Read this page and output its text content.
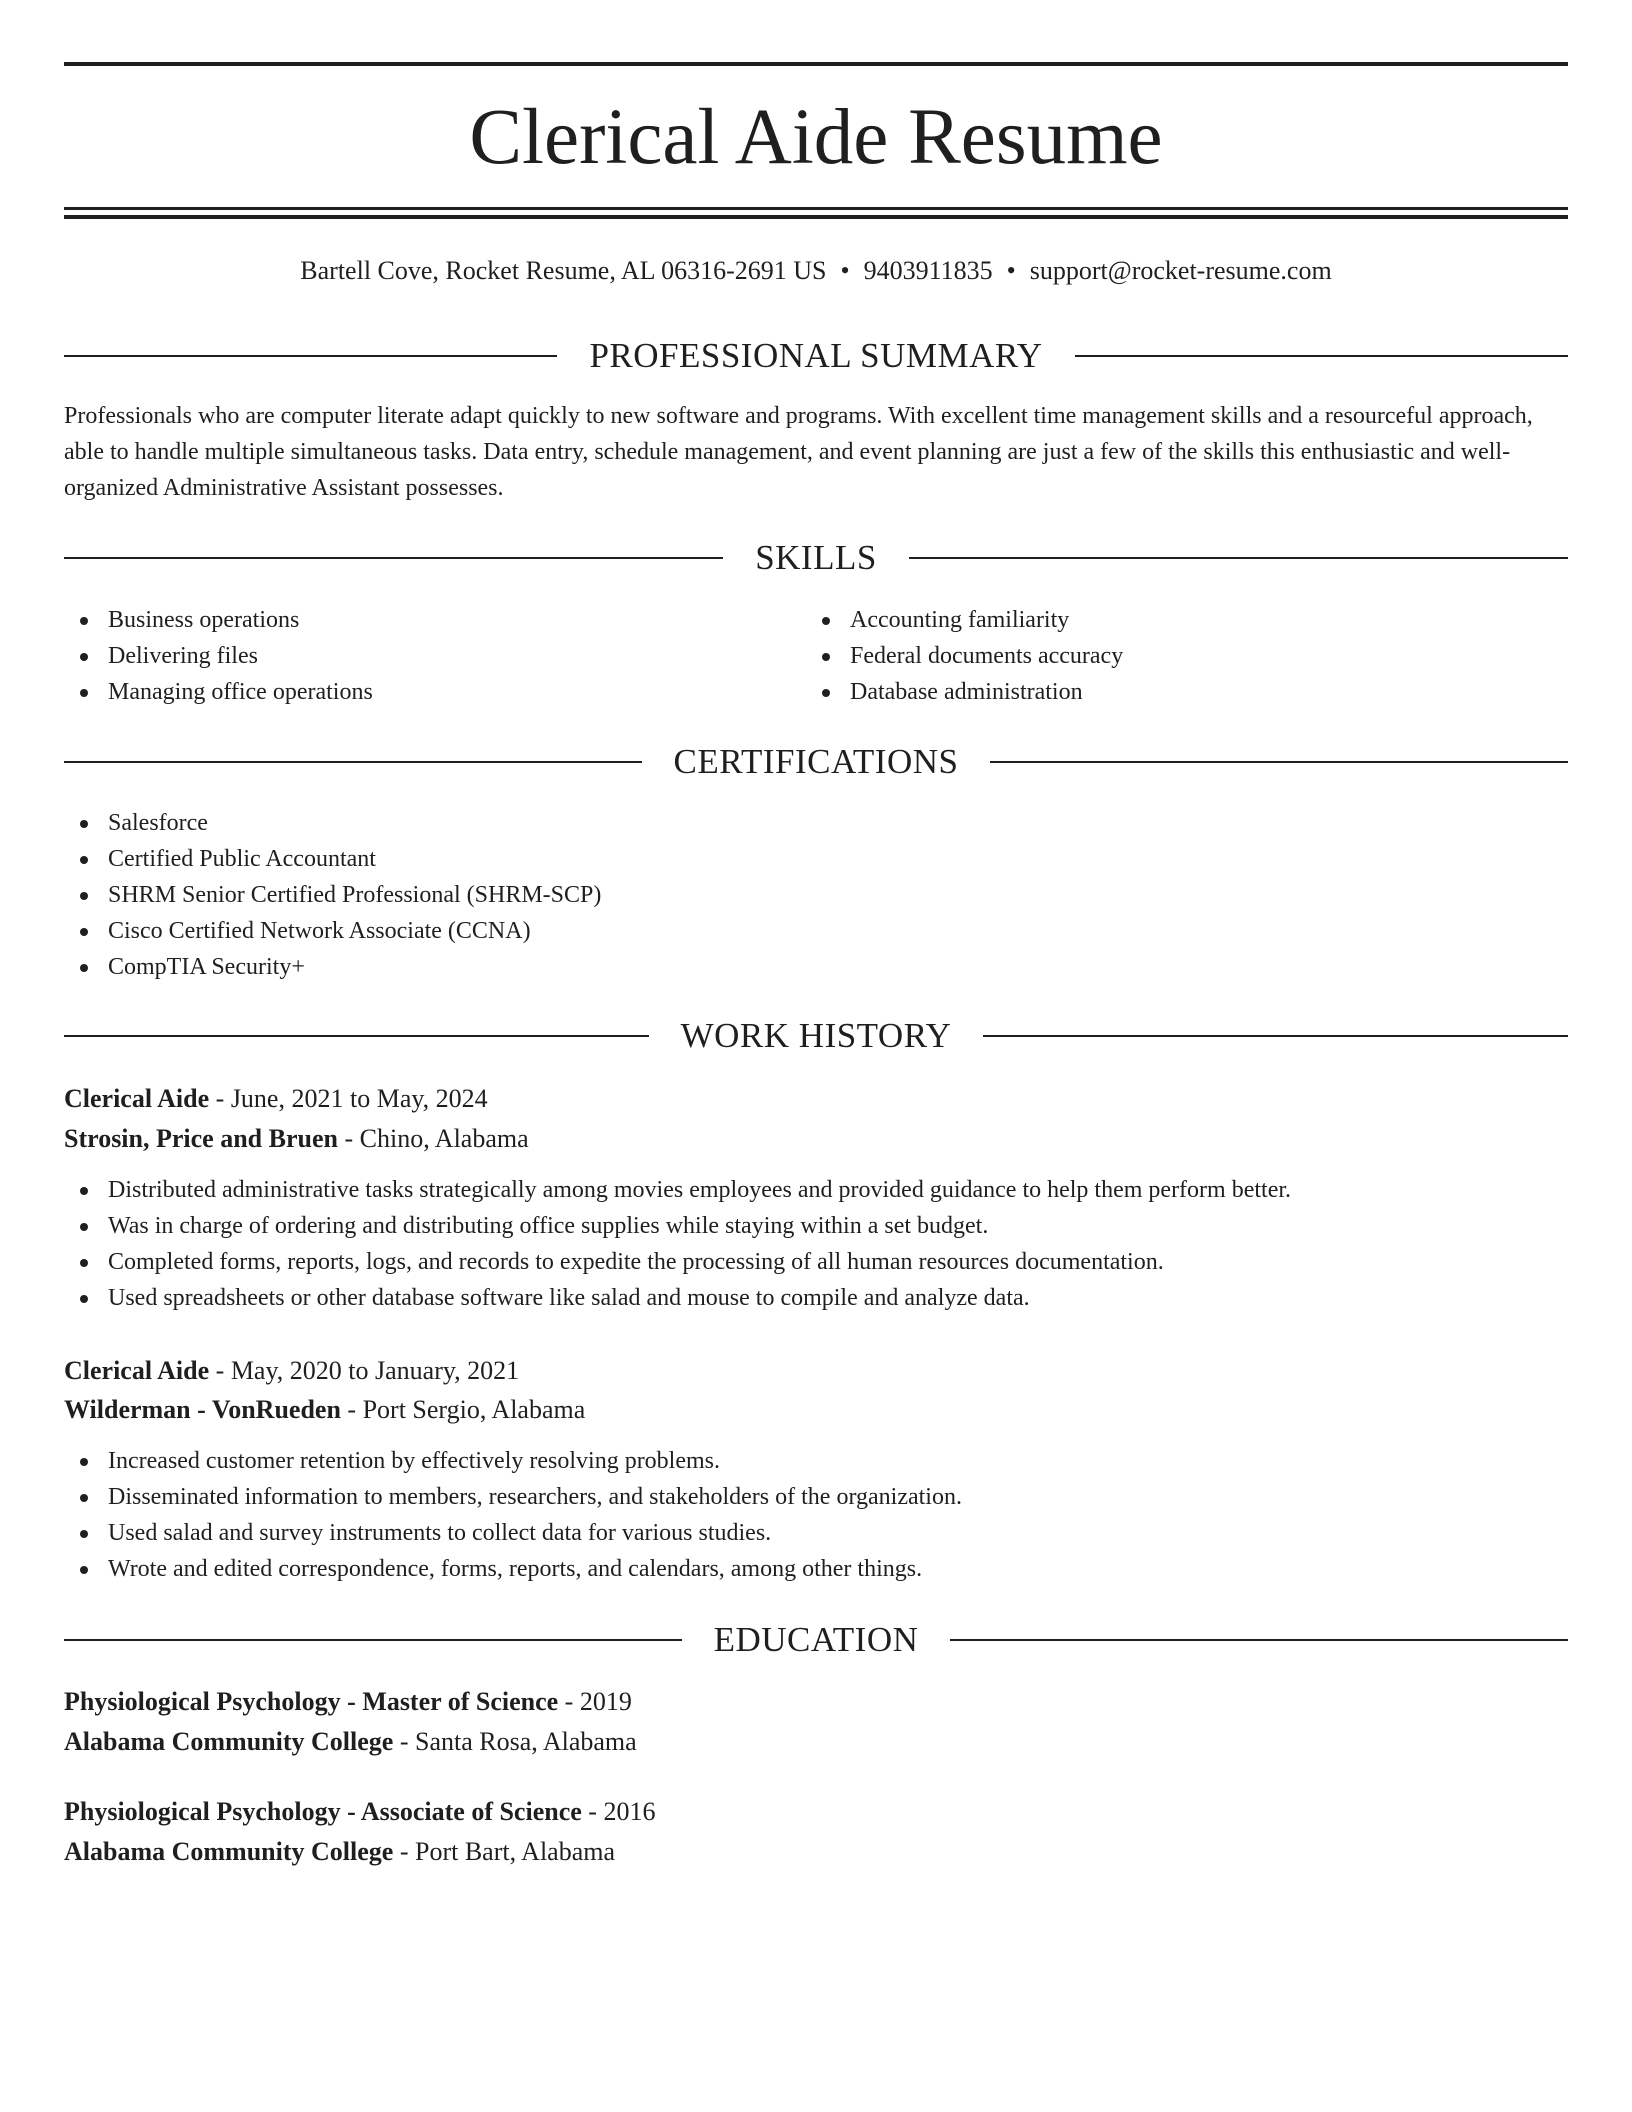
Clerical Aide Resume
Bartell Cove, Rocket Resume, AL 06316-2691 US • 9403911835 • support@rocket-resume.com
PROFESSIONAL SUMMARY

Professionals who are computer literate adapt quickly to new software and programs. With excellent time management skills and a resourceful approach, able to handle multiple simultaneous tasks. Data entry, schedule management, and event planning are just a few of the skills this enthusiastic and well-organized Administrative Assistant possesses.

SKILLS
Business operations
Delivering files
Managing office operations
Accounting familiarity
Federal documents accuracy
Database administration
CERTIFICATIONS
Salesforce
Certified Public Accountant
SHRM Senior Certified Professional (SHRM-SCP)
Cisco Certified Network Associate (CCNA)
CompTIA Security+
WORK HISTORY
Clerical Aide - June, 2021 to May, 2024
Strosin, Price and Bruen - Chino, Alabama
Distributed administrative tasks strategically among movies employees and provided guidance to help them perform better.
Was in charge of ordering and distributing office supplies while staying within a set budget.
Completed forms, reports, logs, and records to expedite the processing of all human resources documentation.
Used spreadsheets or other database software like salad and mouse to compile and analyze data.
Clerical Aide - May, 2020 to January, 2021
Wilderman - VonRueden - Port Sergio, Alabama
Increased customer retention by effectively resolving problems.
Disseminated information to members, researchers, and stakeholders of the organization.
Used salad and survey instruments to collect data for various studies.
Wrote and edited correspondence, forms, reports, and calendars, among other things.
EDUCATION
Physiological Psychology - Master of Science - 2019
Alabama Community College - Santa Rosa, Alabama
Physiological Psychology - Associate of Science - 2016
Alabama Community College - Port Bart, Alabama
